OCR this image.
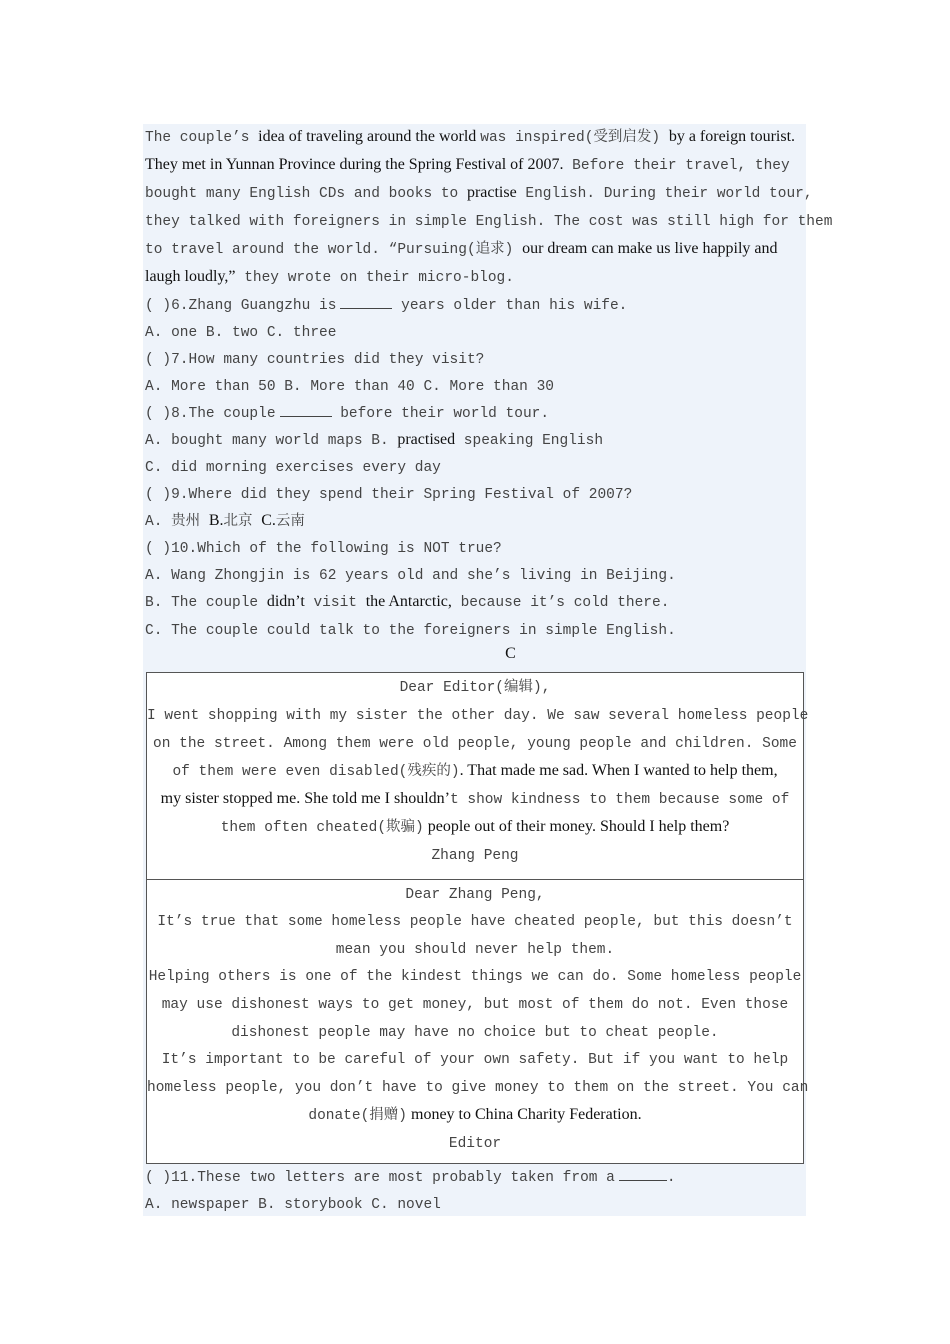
The couple’s idea of traveling around the world was inspired(受到启发) by a foreign tourist.
They met in Yunnan Province during the Spring Festival of 2007. Before their travel, they
bought many English CDs and books to practise English. During their world tour,
they talked with foreigners in simple English. The cost was still high for them
to travel around the world. “Pursuing(追求) our dream can make us live happily and
laugh loudly,” they wrote on their micro-blog.
( )6.Zhang Guangzhu is	years older than his wife.
A. one B. two C. three
( )7.How many countries did they visit?
A. More than 50 B. More than 40 C. More than 30
( )8.The couple	before their world tour.
A. bought many world maps B. practised speaking English
C. did morning exercises every day
( )9.Where did they spend their Spring Festival of 2007?
A. 贵州 B.北京 C.云南
( )10.Which of the following is NOT true?
A. Wang Zhongjin is 62 years old and she’s living in Beijing.
B. The couple didn’t visit the Antarctic, because it’s cold there.
C. The couple could talk to the foreigners in simple English.
C
Dear Editor(编辑),
I went shopping with my sister the other day. We saw several homeless people
on the street. Among them were old people, young people and children. Some
of them were even disabled(残疾的). That made me sad. When I wanted to help them,
my sister stopped me. She told me I shouldn’t show kindness to them because some of
them often cheated(欺骗) people out of their money. Should I help them?
Zhang Peng
Dear Zhang Peng,
It’s true that some homeless people have cheated people, but this doesn’t
mean you should never help them.
Helping others is one of the kindest things we can do. Some homeless people
may use dishonest ways to get money, but most of them do not. Even those
dishonest people may have no choice but to cheat people.
It’s important to be careful of your own safety. But if you want to help
homeless people, you don’t have to give money to them on the street. You can
donate(捐赠) money to China Charity Federation.
Editor
( )11.These two letters are most probably taken from a	.
A. newspaper B. storybook C. novel
